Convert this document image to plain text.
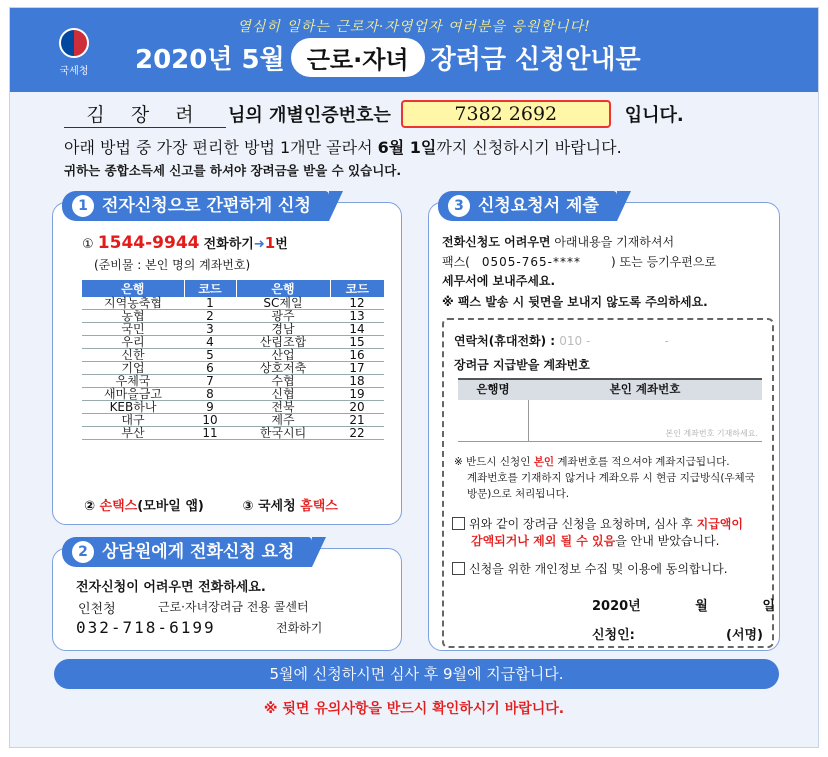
열심히 일하는 근로자·자영업자 여러분을 응원합니다!
국세청 2020년 5월 근로·자녀 장려금 신청안내문
김 장 려	님의 개별인증번호는	7382 2692	입니다.
아래 방법 중 가장 편리한 방법 1개만 골라서 6월 1일까지 신청하시기 바랍니다.
귀하는 종합소득세 신고를 하셔야 장려금을 받을 수 있습니다.
1 전자신청으로 간편하게 신청
① 1544-9944 전화하기➜1번
(준비물 : 본인 명의 계좌번호)
은행	코드	은행	코드
지역농축협	1	SC제일	12
농협	2	광주	13
국민	3	경남	14
우리	4	산림조합	15
신한	5	산업	16
기업	6	상호저축	17
우체국	7	수협	18
새마을금고	8	신협	19
KEB하나	9	전북	20
대구	10	제주	21
부산	11	한국시티	22
② 손택스(모바일 앱)	③ 국세청 홈택스
2 상담원에게 전화신청 요청
전자신청이 어려우면 전화하세요.
인천청	근로·자녀장려금 전용 콜센터
032-718-6199	전화하기
3 신청요청서 제출
전화신청도 어려우면 아래내용을 기재하셔서
팩스( 0505-765-****	) 또는 등기우편으로
세무서에 보내주세요.
※ 팩스 발송 시 뒷면을 보내지 않도록 주의하세요.
연락처(휴대전화) : 010 -	-
장려금 지급받을 계좌번호
은행명	본인 계좌번호
본인 계좌번호 기재하세요.
※ 반드시 신청인 본인 계좌번호를 적으셔야 계좌지급됩니다.
계좌번호를 기재하지 않거나 계좌오류 시 현금 지급방식(우체국
방문)으로 처리됩니다.
위와 같이 장려금 신청을 요청하며, 심사 후 지급액이
감액되거나 제외 될 수 있음을 안내 받았습니다.
신청을 위한 개인정보 수집 및 이용에 동의합니다.
2020년	월	일
신청인:	(서명)
5월에 신청하시면 심사 후 9월에 지급합니다.
※ 뒷면 유의사항을 반드시 확인하시기 바랍니다.
